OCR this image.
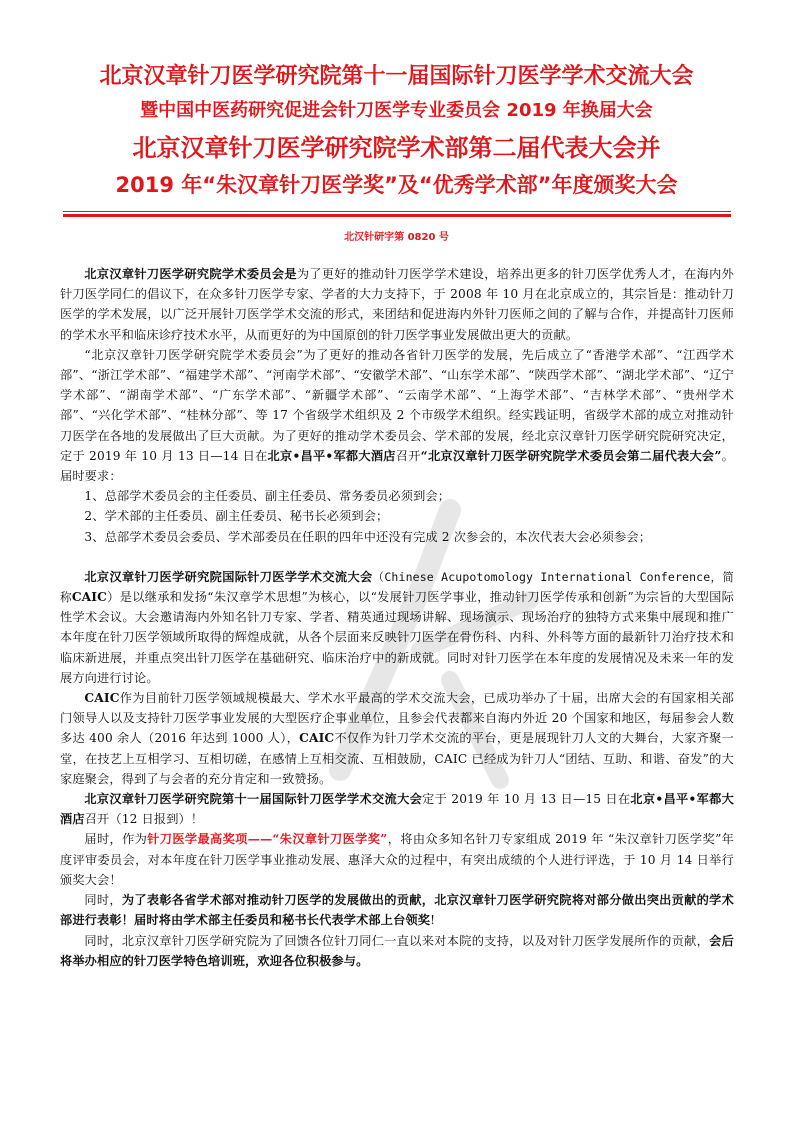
北京汉章针刀医学研究院第十一届国际针刀医学学术交流大会
暨中国中医药研究促进会针刀医学专业委员会 2019 年换届大会
北京汉章针刀医学研究院学术部第二届代表大会并
2019 年“朱汉章针刀医学奖”及“优秀学术部”年度颁奖大会
北汉针研字第 0820 号

北京汉章针刀医学研究院学术委员会是为了更好的推动针刀医学学术建设，培养出更多的针刀医学优秀人才，在海内外针刀医学同仁的倡议下，在众多针刀医学专家、学者的大力支持下，于 2008 年 10 月在北京成立的，其宗旨是：推动针刀医学的学术发展，以广泛开展针刀医学学术交流的形式，来团结和促进海内外针刀医师之间的了解与合作，并提高针刀医师的学术水平和临床诊疗技术水平，从而更好的为中国原创的针刀医学事业发展做出更大的贡献。

“北京汉章针刀医学研究院学术委员会”为了更好的推动各省针刀医学的发展，先后成立了“香港学术部”、“江西学术部”、“浙江学术部”、“福建学术部”、“河南学术部”、“安徽学术部”、“山东学术部”、“陕西学术部”、“湖北学术部”、“辽宁学术部”、“湖南学术部”、“广东学术部”、“新疆学术部”、“云南学术部”、“上海学术部”、“吉林学术部”、“贵州学术部”、“兴化学术部”、“桂林分部”、等 17 个省级学术组织及 2 个市级学术组织。经实践证明，省级学术部的成立对推动针刀医学在各地的发展做出了巨大贡献。为了更好的推动学术委员会、学术部的发展，经北京汉章针刀医学研究院研究决定，定于 2019 年 10 月 13 日—14 日在北京•昌平•军都大酒店召开“北京汉章针刀医学研究院学术委员会第二届代表大会”。届时要求：

1、总部学术委员会的主任委员、副主任委员、常务委员必须到会；

2、学术部的主任委员、副主任委员、秘书长必须到会；

3、总部学术委员会委员、学术部委员在任职的四年中还没有完成 2 次参会的，本次代表大会必须参会；

北京汉章针刀医学研究院国际针刀医学学术交流大会（Chinese Acupotomology International Conference，简称CAIC）是以继承和发扬“朱汉章学术思想”为核心，以“发展针刀医学事业，推动针刀医学传承和创新”为宗旨的大型国际性学术会议。大会邀请海内外知名针刀专家、学者、精英通过现场讲解、现场演示、现场治疗的独特方式来集中展现和推广本年度在针刀医学领域所取得的辉煌成就，从各个层面来反映针刀医学在骨伤科、内科、外科等方面的最新针刀治疗技术和临床新进展，并重点突出针刀医学在基础研究、临床治疗中的新成就。同时对针刀医学在本年度的发展情况及未来一年的发展方向进行讨论。

CAIC作为目前针刀医学领域规模最大、学术水平最高的学术交流大会，已成功举办了十届，出席大会的有国家相关部门领导人以及支持针刀医学事业发展的大型医疗企事业单位，且参会代表都来自海内外近 20 个国家和地区，每届参会人数多达 400 余人（2016 年达到 1000 人），CAIC不仅作为针刀学术交流的平台，更是展现针刀人文的大舞台，大家齐聚一堂，在技艺上互相学习、互相切磋，在感情上互相交流、互相鼓励，CAIC 已经成为针刀人“团结、互助、和谐、奋发”的大家庭聚会，得到了与会者的充分肯定和一致赞扬。

北京汉章针刀医学研究院第十一届国际针刀医学学术交流大会定于 2019 年 10 月 13 日—15 日在北京•昌平•军都大酒店召开（12 日报到）！

届时，作为针刀医学最高奖项——“朱汉章针刀医学奖”，将由众多知名针刀专家组成 2019 年 “朱汉章针刀医学奖”年度评审委员会，对本年度在针刀医学事业推动发展、惠泽大众的过程中，有突出成绩的个人进行评选，于 10 月 14 日举行颁奖大会！

同时，为了表彰各省学术部对推动针刀医学的发展做出的贡献，北京汉章针刀医学研究院将对部分做出突出贡献的学术部进行表彰！届时将由学术部主任委员和秘书长代表学术部上台领奖!

同时，北京汉章针刀医学研究院为了回馈各位针刀同仁一直以来对本院的支持，以及对针刀医学发展所作的贡献，会后将举办相应的针刀医学特色培训班，欢迎各位积极参与。
